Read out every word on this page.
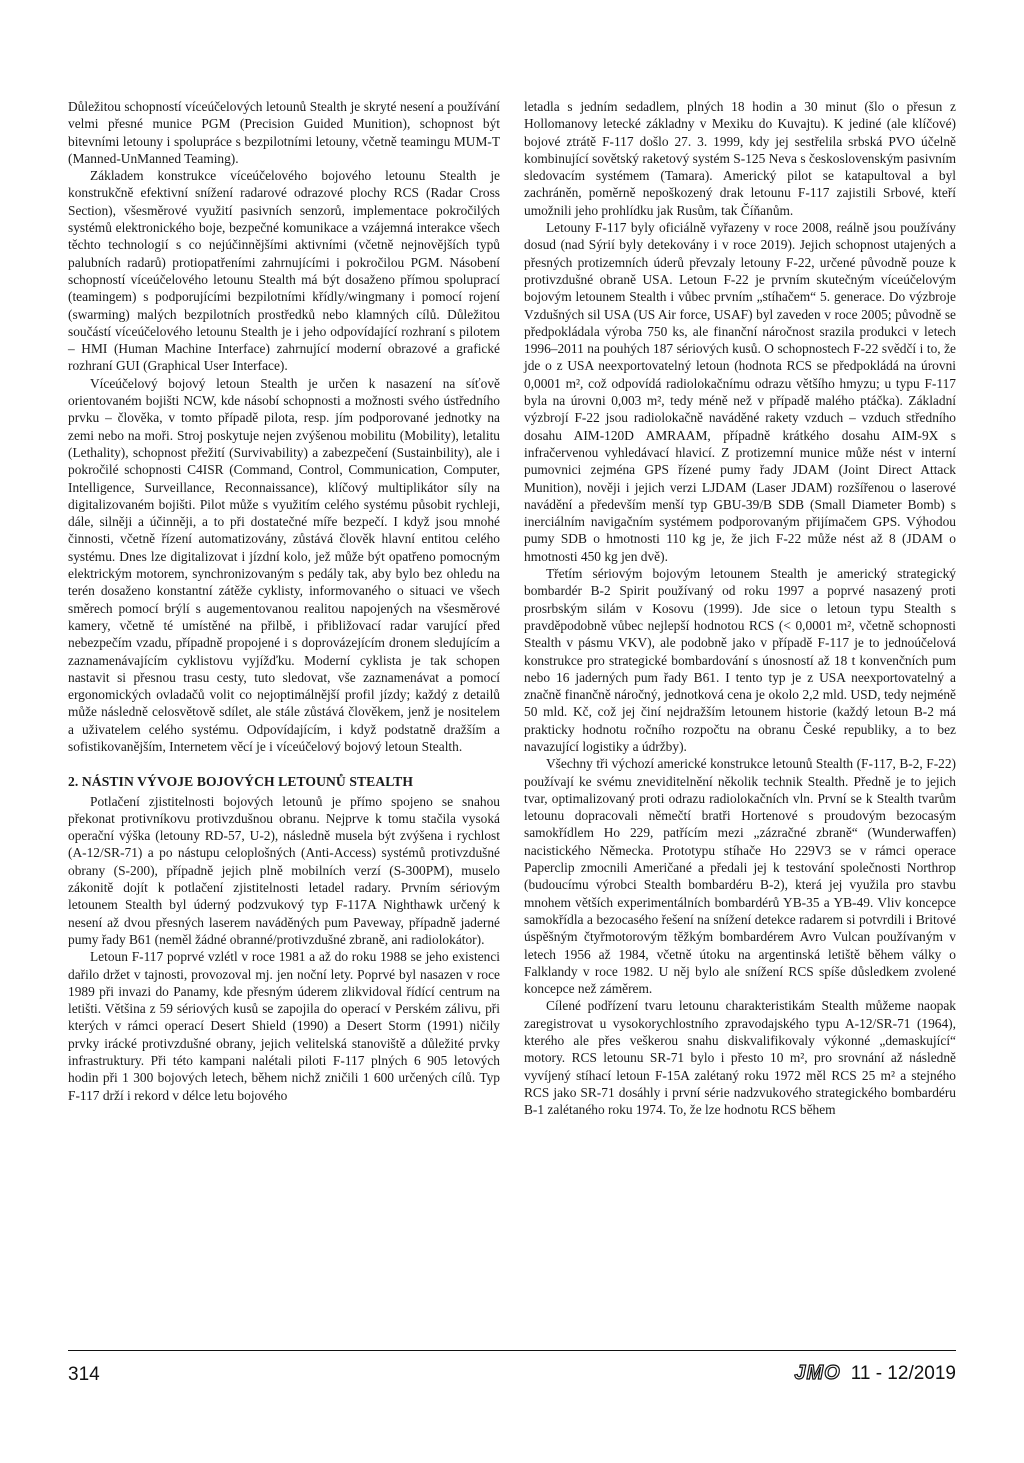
Důležitou schopností víceúčelových letounů Stealth je skryté nesení a používání velmi přesné munice PGM (Precision Guided Munition), schopnost být bitevními letouny i spolupráce s bezpilotními letouny, včetně teamingu MUM-T (Manned-UnManned Teaming).

Základem konstrukce víceúčelového bojového letounu Stealth je konstrukčně efektivní snížení radarové odrazové plochy RCS (Radar Cross Section), všesměrové využití pasivních senzorů, implementace pokročilých systémů elektronického boje, bezpečné komunikace a vzájemná interakce všech těchto technologií s co nejúčinnějšími aktivními (včetně nejnovějších typů palubních radarů) protiopatřeními zahrnujícími i pokročilou PGM. Násobení schopností víceúčelového letounu Stealth má být dosaženo přímou spoluprací (teamingem) s podporujícími bezpilotními křídly/wingmany i pomocí rojení (swarming) malých bezpilotních prostředků nebo klamných cílů. Důležitou součástí víceúčelového letounu Stealth je i jeho odpovídající rozhraní s pilotem – HMI (Human Machine Interface) zahrnující moderní obrazové a grafické rozhraní GUI (Graphical User Interface).

Víceúčelový bojový letoun Stealth je určen k nasazení na síťově orientovaném bojišti NCW, kde násobí schopnosti a možnosti svého ústředního prvku – člověka, v tomto případě pilota, resp. jím podporované jednotky na zemi nebo na moři. Stroj poskytuje nejen zvýšenou mobilitu (Mobility), letalitu (Lethality), schopnost přežití (Survivability) a zabezpečení (Sustainbility), ale i pokročilé schopnosti C4ISR (Command, Control, Communication, Computer, Intelligence, Surveillance, Reconnaissance), klíčový multiplikátor síly na digitalizovaném bojišti. Pilot může s využitím celého systému působit rychleji, dále, silněji a účinněji, a to při dostatečné míře bezpečí. I když jsou mnohé činnosti, včetně řízení automatizovány, zůstává člověk hlavní entitou celého systému. Dnes lze digitalizovat i jízdní kolo, jež může být opatřeno pomocným elektrickým motorem, synchronizovaným s pedály tak, aby bylo bez ohledu na terén dosaženo konstantní zátěže cyklisty, informovaného o situaci ve všech směrech pomocí brýlí s augementovanou realitou napojených na všesměrové kamery, včetně té umístěné na přilbě, i přibližovací radar varující před nebezpečím vzadu, případně propojené i s doprovázejícím dronem sledujícím a zaznamenávajícím cyklistovu vyjížďku. Moderní cyklista je tak schopen nastavit si přesnou trasu cesty, tuto sledovat, vše zaznamenávat a pomocí ergonomických ovladačů volit co nejoptimálnější profil jízdy; každý z detailů může následně celosvětově sdílet, ale stále zůstává člověkem, jenž je nositelem a uživatelem celého systému. Odpovídajícím, i když podstatně dražším a sofistikovanějším, Internetem věcí je i víceúčelový bojový letoun Stealth.

2. NÁSTIN VÝVOJE BOJOVÝCH LETOUNŮ STEALTH

Potlačení zjistitelnosti bojových letounů je přímo spojeno se snahou překonat protivníkovu protivzdušnou obranu. Nejprve k tomu stačila vysoká operační výška (letouny RD-57, U-2), následně musela být zvýšena i rychlost (A-12/SR-71) a po nástupu celoplošných (Anti-Access) systémů protivzdušné obrany (S-200), případně jejich plně mobilních verzí (S-300PM), muselo zákonitě dojít k potlačení zjistitelnosti letadel radary. Prvním sériovým letounem Stealth byl úderný podzvukový typ F-117A Nighthawk určený k nesení až dvou přesných laserem naváděných pum Paveway, případně jaderné pumy řady B61 (neměl žádné obranné/protivzdušné zbraně, ani radiolokátor).

Letoun F-117 poprvé vzlétl v roce 1981 a až do roku 1988 se jeho existenci dařilo držet v tajnosti, provozoval mj. jen noční lety. Poprvé byl nasazen v roce 1989 při invazi do Panamy, kde přesným úderem zlikvidoval řídící centrum na letišti. Většina z 59 sériových kusů se zapojila do operací v Perském zálivu, při kterých v rámci operací Desert Shield (1990) a Desert Storm (1991) ničily prvky irácké protivzdušné obrany, jejich velitelská stanoviště a důležité prvky infrastruktury. Při této kampani nalétali piloti F-117 plných 6 905 letových hodin při 1 300 bojových letech, během nichž zničili 1 600 určených cílů. Typ F-117 drží i rekord v délce letu bojového

letadla s jedním sedadlem, plných 18 hodin a 30 minut (šlo o přesun z Hollomanovy letecké základny v Mexiku do Kuvajtu). K jediné (ale klíčové) bojové ztrátě F-117 došlo 27. 3. 1999, kdy jej sestřelila srbská PVO účelně kombinující sovětský raketový systém S-125 Neva s československým pasivním sledovacím systémem (Tamara). Americký pilot se katapultoval a byl zachráněn, poměrně nepoškozený drak letounu F-117 zajistili Srbové, kteří umožnili jeho prohlídku jak Rusům, tak Číňanům.

Letouny F-117 byly oficiálně vyřazeny v roce 2008, reálně jsou používány dosud (nad Sýrií byly detekovány i v roce 2019). Jejich schopnost utajených a přesných protizemních úderů převzaly letouny F-22, určené původně pouze k protivzdušné obraně USA. Letoun F-22 je prvním skutečným víceúčelovým bojovým letounem Stealth i vůbec prvním „stíhačem“ 5. generace. Do výzbroje Vzdušných sil USA (US Air force, USAF) byl zaveden v roce 2005; původně se předpokládala výroba 750 ks, ale finanční náročnost srazila produkci v letech 1996–2011 na pouhých 187 sériových kusů. O schopnostech F-22 svědčí i to, že jde o z USA neexportovatelný letoun (hodnota RCS se předpokládá na úrovni 0,0001 m², což odpovídá radiolokačnímu odrazu většího hmyzu; u typu F-117 byla na úrovni 0,003 m², tedy méně než v případě malého ptáčka). Základní výzbrojí F-22 jsou radiolokačně naváděné rakety vzduch – vzduch středního dosahu AIM-120D AMRAAM, případně krátkého dosahu AIM-9X s infračervenou vyhledávací hlavicí. Z protizemní munice může nést v interní pumovnici zejména GPS řízené pumy řady JDAM (Joint Direct Attack Munition), nověji i jejich verzi LJDAM (Laser JDAM) rozšířenou o laserové navádění a především menší typ GBU-39/B SDB (Small Diameter Bomb) s inerciálním navigačním systémem podporovaným přijímačem GPS. Výhodou pumy SDB o hmotnosti 110 kg je, že jich F-22 může nést až 8 (JDAM o hmotnosti 450 kg jen dvě).

Třetím sériovým bojovým letounem Stealth je americký strategický bombardér B-2 Spirit používaný od roku 1997 a poprvé nasazený proti prosrbským silám v Kosovu (1999). Jde sice o letoun typu Stealth s pravděpodobně vůbec nejlepší hodnotou RCS (< 0,0001 m², včetně schopnosti Stealth v pásmu VKV), ale podobně jako v případě F-117 je to jednoúčelová konstrukce pro strategické bombardování s únosností až 18 t konvenčních pum nebo 16 jaderných pum řady B61. I tento typ je z USA neexportovatelný a značně finančně náročný, jednotková cena je okolo 2,2 mld. USD, tedy nejméně 50 mld. Kč, což jej činí nejdražším letounem historie (každý letoun B-2 má prakticky hodnotu ročního rozpočtu na obranu České republiky, a to bez navazující logistiky a údržby).

Všechny tři výchozí americké konstrukce letounů Stealth (F-117, B-2, F-22) používají ke svému zneviditelnění několik technik Stealth. Předně je to jejich tvar, optimalizovaný proti odrazu radiolokačních vln. První se k Stealth tvarům letounu dopracovali němečtí bratři Hortenové s proudovým bezocasým samokřídlem Ho 229, patřícím mezi „zázračné zbraně“ (Wunderwaffen) nacistického Německa. Prototypu stíhače Ho 229V3 se v rámci operace Paperclip zmocnili Američané a předali jej k testování společnosti Northrop (budoucímu výrobci Stealth bombardéru B-2), která jej využila pro stavbu mnohem větších experimentálních bombardérů YB-35 a YB-49. Vliv koncepce samokřídla a bezocasého řešení na snížení detekce radarem si potvrdili i Britové úspěšným čtyřmotorovým těžkým bombardérem Avro Vulcan používaným v letech 1956 až 1984, včetně útoku na argentinská letiště během války o Falklandy v roce 1982. U něj bylo ale snížení RCS spíše důsledkem zvolené koncepce než záměrem.

Cílené podřízení tvaru letounu charakteristikám Stealth můžeme naopak zaregistrovat u vysokorychlostního zpravodajského typu A-12/SR-71 (1964), kterého ale přes veškerou snahu diskvalifikovaly výkonné „demaskující“ motory. RCS letounu SR-71 bylo i přesto 10 m², pro srovnání až následně vyvíjený stíhací letoun F-15A zalétaný roku 1972 měl RCS 25 m² a stejného RCS jako SR-71 dosáhly i první série nadzvukového strategického bombardéru B-1 zalétaného roku 1974. To, že lze hodnotu RCS během

314	JMO 11 - 12/2019
